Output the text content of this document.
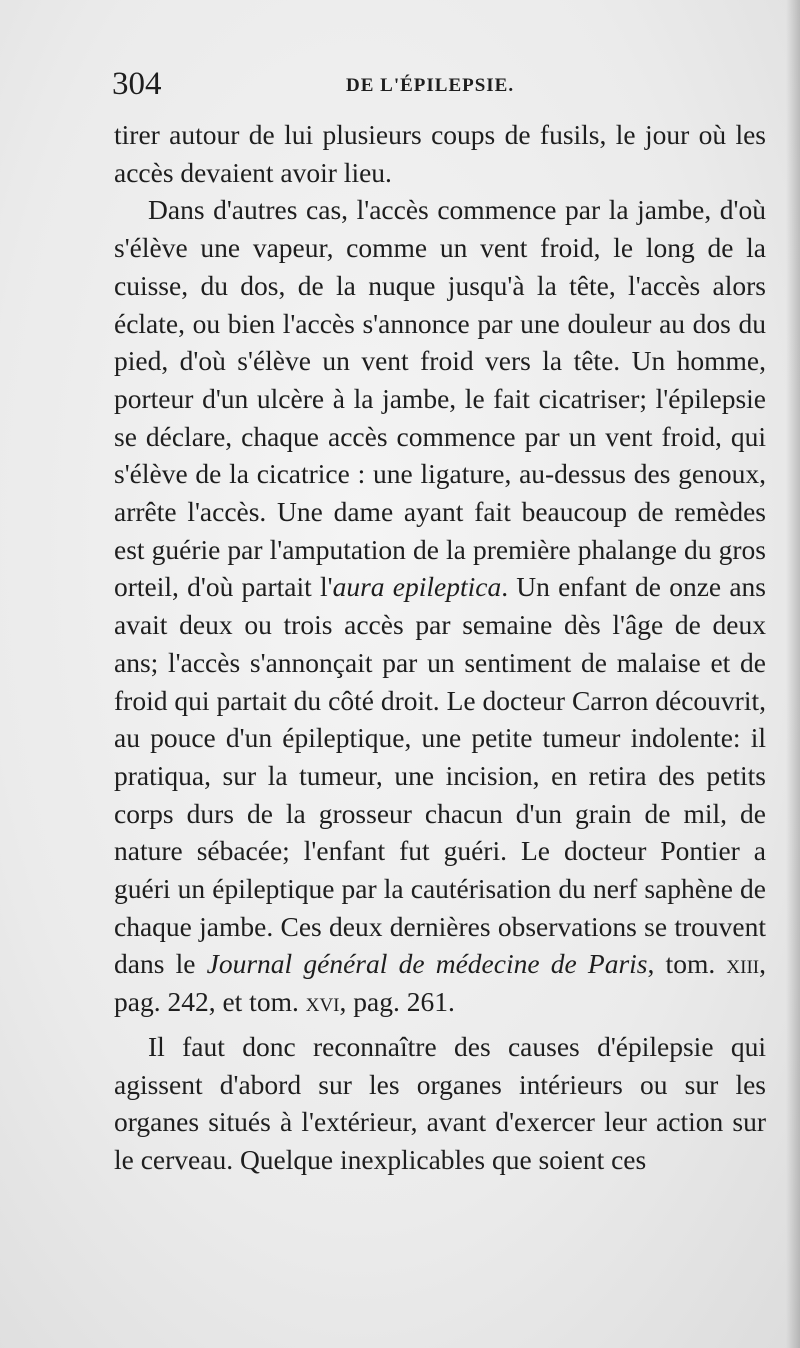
304	DE L'ÉPILEPSIE.

tirer autour de lui plusieurs coups de fusils, le jour où les accès devaient avoir lieu.

Dans d'autres cas, l'accès commence par la jambe, d'où s'élève une vapeur, comme un vent froid, le long de la cuisse, du dos, de la nuque jusqu'à la tête, l'accès alors éclate, ou bien l'accès s'annonce par une douleur au dos du pied, d'où s'élève un vent froid vers la tête. Un homme, porteur d'un ulcère à la jambe, le fait cicatriser; l'épilepsie se déclare, chaque accès commence par un vent froid, qui s'élève de la cicatrice : une ligature, au-dessus des genoux, arrête l'accès. Une dame ayant fait beaucoup de remèdes est guérie par l'amputation de la première phalange du gros orteil, d'où partait l'aura epileptica. Un enfant de onze ans avait deux ou trois accès par semaine dès l'âge de deux ans; l'accès s'annonçait par un sentiment de malaise et de froid qui partait du côté droit. Le docteur Carron découvrit, au pouce d'un épileptique, une petite tumeur indolente: il pratiqua, sur la tumeur, une incision, en retira des petits corps durs de la grosseur chacun d'un grain de mil, de nature sébacée; l'enfant fut guéri. Le docteur Pontier a guéri un épileptique par la cautérisation du nerf saphène de chaque jambe. Ces deux dernières observations se trouvent dans le Journal général de médecine de Paris, tom. xiii, pag. 242, et tom. xvi, pag. 261.

Il faut donc reconnaître des causes d'épilepsie qui agissent d'abord sur les organes intérieurs ou sur les organes situés à l'extérieur, avant d'exercer leur action sur le cerveau. Quelque inexplicables que soient ces
